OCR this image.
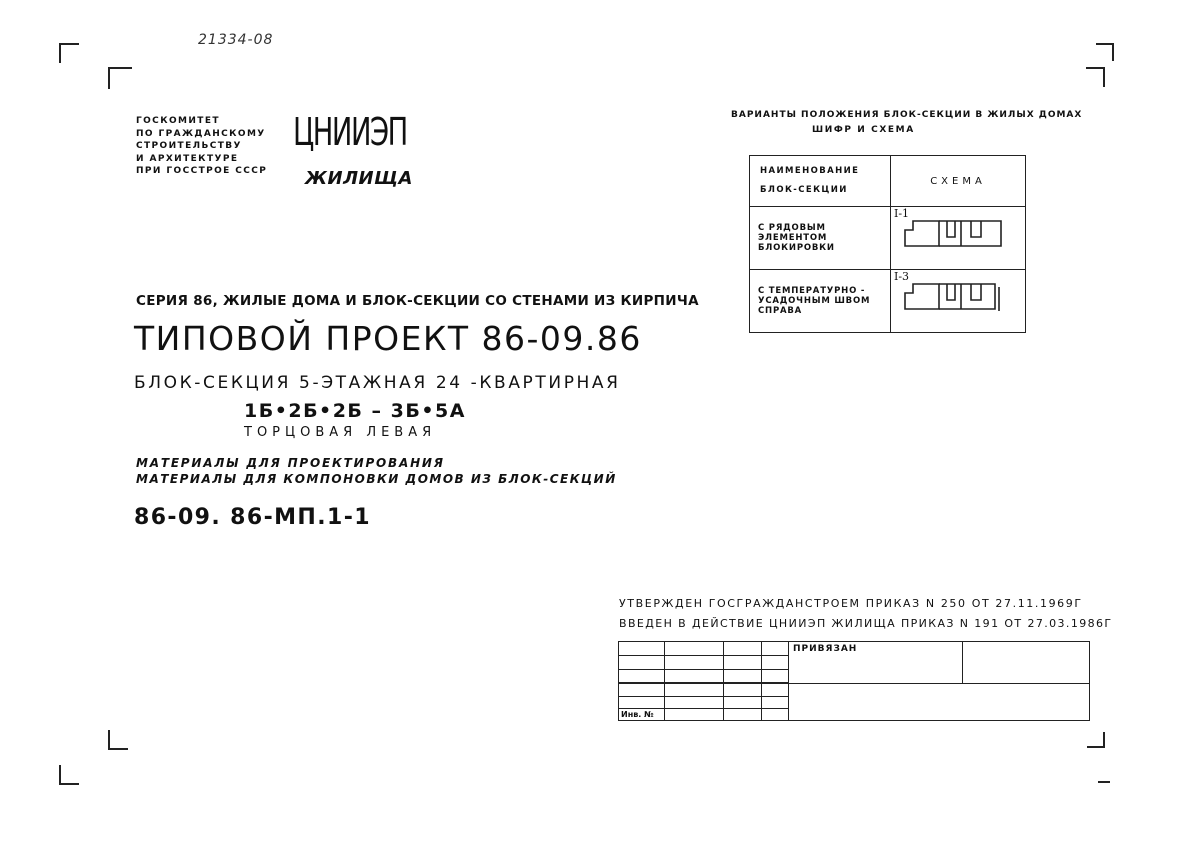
21334-08
ГОСКОМИТЕТ
ПО ГРАЖДАНСКОМУ
СТРОИТЕЛЬСТВУ
И АРХИТЕКТУРЕ
ПРИ ГОССТРОЕ СССР
ЦНИИЭП
ЖИЛИЩА
ВАРИАНТЫ ПОЛОЖЕНИЯ БЛОК-СЕКЦИИ В ЖИЛЫХ ДОМАХ
ШИФР И СХЕМА
НАИМЕНОВАНИЕ
БЛОК-СЕКЦИИ	СХЕМА

С РЯДОВЫМ
ЭЛЕМЕНТОМ
БЛОКИРОВКИ	I-1

С ТЕМПЕРАТУРНО -
УСАДОЧНЫМ ШВОМ
СПРАВА	I-3
СЕРИЯ 86, ЖИЛЫЕ ДОМА И БЛОК-СЕКЦИИ СО СТЕНАМИ ИЗ КИРПИЧА
ТИПОВОЙ ПРОЕКТ 86-09.86
БЛОК-СЕКЦИЯ 5-ЭТАЖНАЯ 24 -КВАРТИРНАЯ
1Б•2Б•2Б – 3Б•5А
ТОРЦОВАЯ ЛЕВАЯ
МАТЕРИАЛЫ ДЛЯ ПРОЕКТИРОВАНИЯ
МАТЕРИАЛЫ ДЛЯ КОМПОНОВКИ ДОМОВ ИЗ БЛОК-СЕКЦИЙ
86-09. 86-МП.1-1
УТВЕРЖДЕН ГОСГРАЖДАНСТРОЕМ ПРИКАЗ N 250 ОТ 27.11.1969Г
ВВЕДЕН В ДЕЙСТВИЕ ЦНИИЭП ЖИЛИЩА ПРИКАЗ N 191 ОТ 27.03.1986Г
ПРИВЯЗАН
Инв. №
